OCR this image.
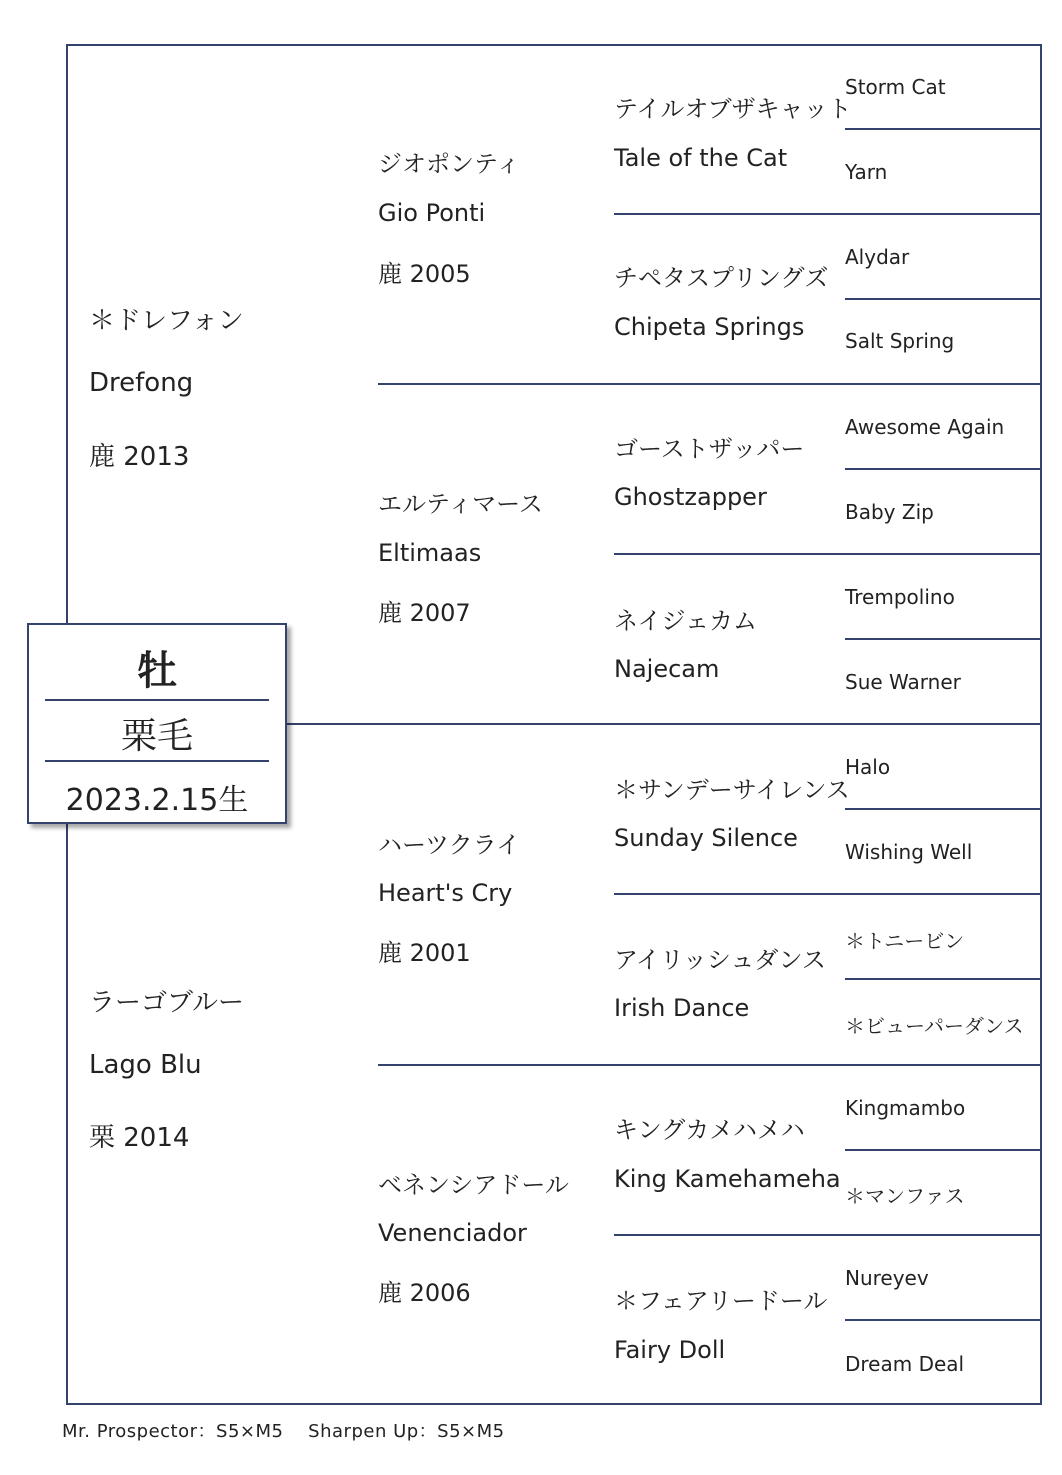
＊ドレフォン
Drefong
鹿 2013
ラーゴブルー
Lago Blu
栗 2014
ジオポンティ
Gio Ponti
鹿 2005
エルティマース
Eltimaas
鹿 2007
ハーツクライ
Heart's Cry
鹿 2001
ベネンシアドール
Venenciador
鹿 2006
テイルオブザキャット
Tale of the Cat
チペタスプリングズ
Chipeta Springs
ゴーストザッパー
Ghostzapper
ネイジェカム
Najecam
＊サンデーサイレンス
Sunday Silence
アイリッシュダンス
Irish Dance
キングカメハメハ
King Kamehameha
＊フェアリードール
Fairy Doll
Storm Cat
Yarn
Alydar
Salt Spring
Awesome Again
Baby Zip
Trempolino
Sue Warner
Halo
Wishing Well
＊トニービン
＊ビューパーダンス
Kingmambo
＊マンファス
Nureyev
Dream Deal
牡
栗毛
2023.2.15生
Mr. Prospector：S5×M5　 Sharpen Up：S5×M5
